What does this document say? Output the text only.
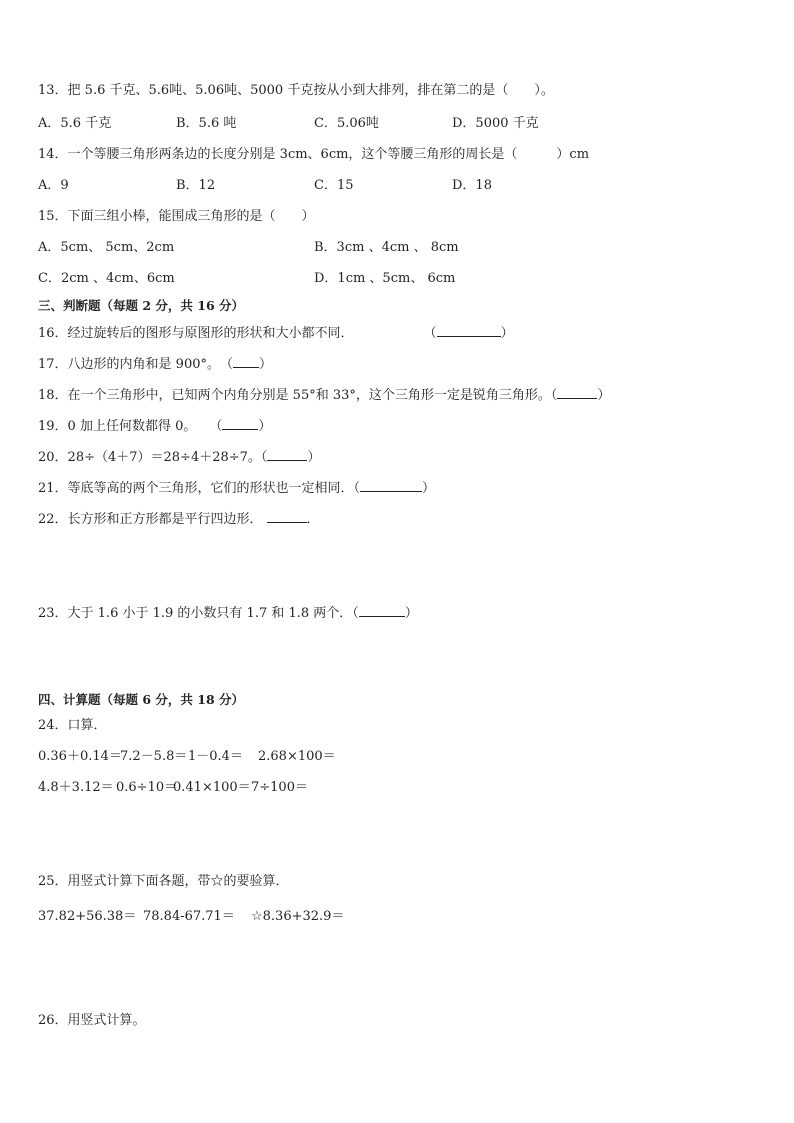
13．把 5.6 千克、5.6吨、5.06吨、5000 千克按从小到大排列，排在第二的是（　　）。
A．5.6 千克	B．5.6 吨	C．5.06吨	D．5000 千克
14．一个等腰三角形两条边的长度分别是 3cm、6cm，这个等腰三角形的周长是（　　　）cm
A．9	B．12	C．15	D．18
15．下面三组小棒，能围成三角形的是（　　）
A．5cm、 5cm、2cm	B．3cm 、4cm 、 8cm
C．2cm 、4cm、6cm	D．1cm 、5cm、 6cm
三、判断题（每题 2 分，共 16 分）
16．经过旋转后的图形与原图形的形状和大小都不同．	（	）
17．八边形的内角和是 900°。　（ ）
18．在一个三角形中，已知两个内角分别是 55°和 33°，这个三角形一定是锐角三角形。（	）
19．0 加上任何数都得 0。　　（	）
20．28÷（4＋7）＝28÷4＋28÷7。（	）
21．等底等高的两个三角形，它们的形状也一定相同．（	）
22．长方形和正方形都是平行四边形．	．
23．大于 1.6 小于 1.9 的小数只有 1.7 和 1.8 两个．（	）
四、计算题（每题 6 分，共 18 分）
24．口算．
0.36＋0.14＝
7.2－5.8＝ 1－0.4＝ 2.68×100＝
4.8＋3.12＝ 0.6÷10＝
0.41×100＝ 7÷100＝
25．用竖式计算下面各题，带☆的要验算．
37.82+56.38＝ 78.84-67.71＝ ☆8.36+32.9＝
26．用竖式计算。
